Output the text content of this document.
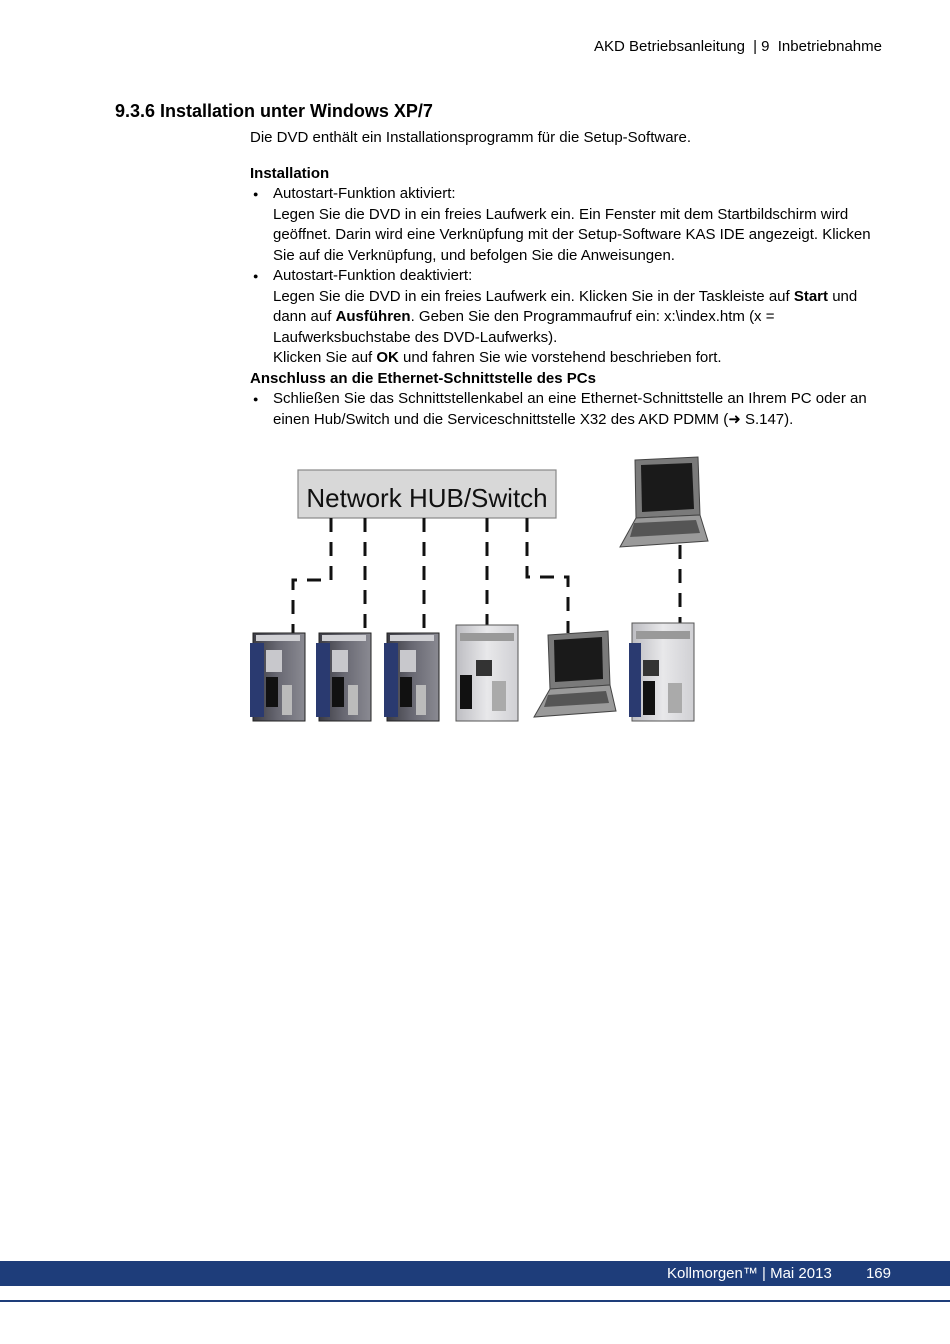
AKD Betriebsanleitung | 9 Inbetriebnahme
9.3.6 Installation unter Windows XP/7

Die DVD enthält ein Installationsprogramm für die Setup-Software.

Installation

● Autostart-Funktion aktiviert:
Legen Sie die DVD in ein freies Laufwerk ein. Ein Fenster mit dem Startbildschirm wird geöffnet. Darin wird eine Verknüpfung mit der Setup-Software KAS IDE angezeigt. Klicken Sie auf die Verknüpfung, und befolgen Sie die Anweisungen.
● Autostart-Funktion deaktiviert:
Legen Sie die DVD in ein freies Laufwerk ein. Klicken Sie in der Taskleiste auf Start und dann auf Ausführen. Geben Sie den Programmaufruf ein: x:\index.htm (x = Laufwerksbuchstabe des DVD-Laufwerks).
Klicken Sie auf OK und fahren Sie wie vorstehend beschrieben fort.

Anschluss an die Ethernet-Schnittstelle des PCs

● Schließen Sie das Schnittstellenkabel an eine Ethernet-Schnittstelle an Ihrem PC oder an einen Hub/Switch und die Serviceschnittstelle X32 des AKD PDMM (➜ S.147).
Network HUB/Switch
Kollmorgen™ | Mai 2013 169
